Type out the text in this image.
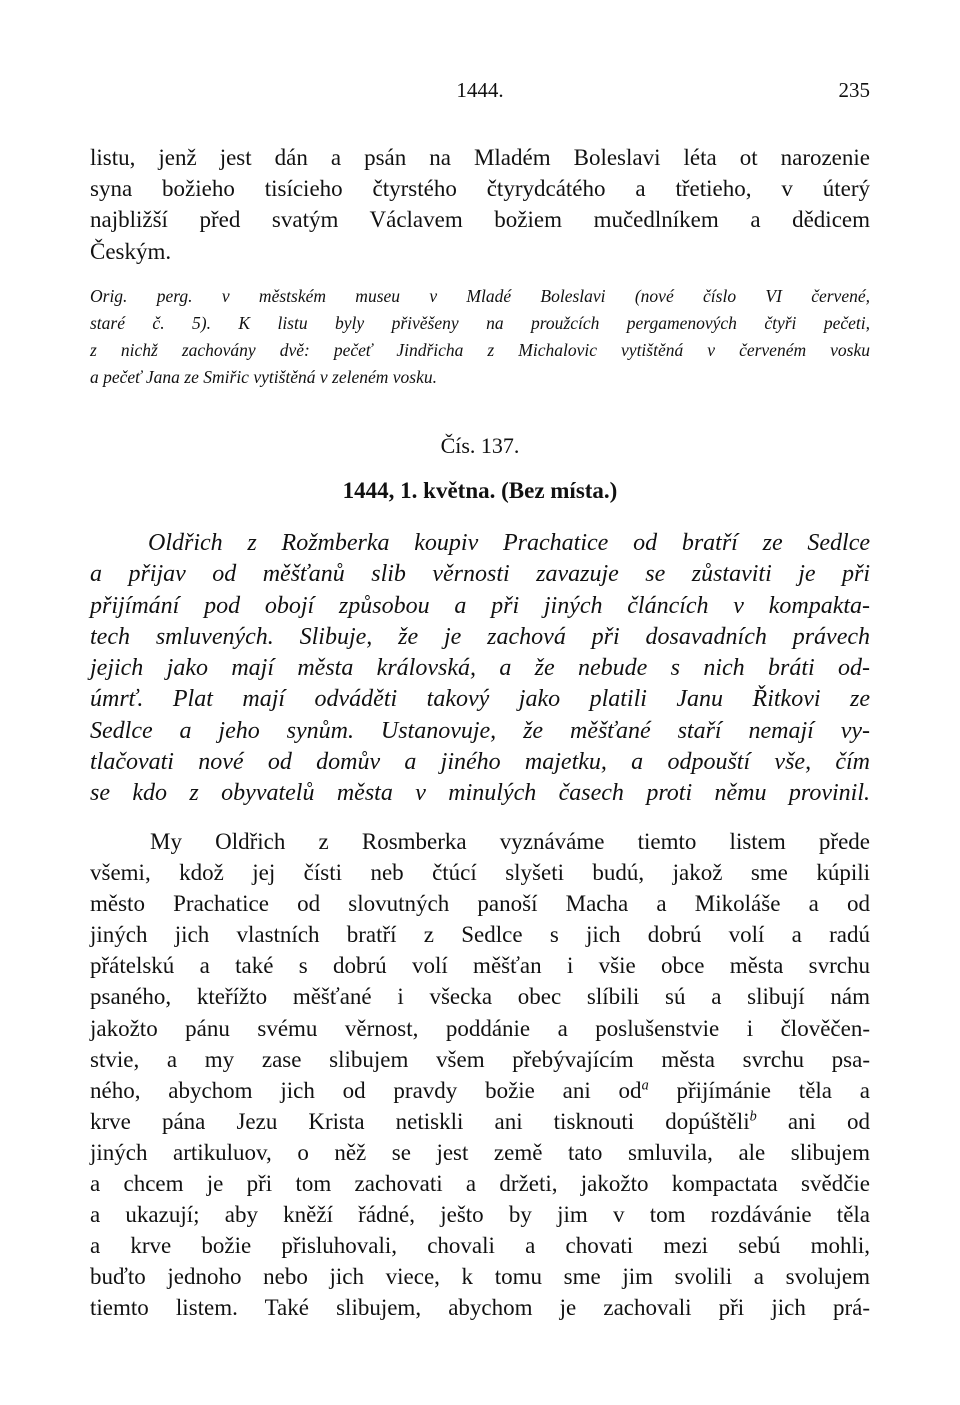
1444.	235
listu, jenž jest dán a psán na Mladém Boleslavi léta ot narozenie
syna božieho tisícieho čtyrstého čtyrydcátého a třetieho, v úterý
najbližší před svatým Václavem božiem mučedlníkem a dědicem
Českým.
Orig. perg. v městském museu v Mladé Boleslavi (nové číslo VI červené,
staré č. 5). K listu byly přivěšeny na proužcích pergamenových čtyři pečeti,
z nichž zachovány dvě: pečeť Jindřicha z Michalovic vytištěná v červeném vosku
a pečeť Jana ze Smiřic vytištěná v zeleném vosku.
Čís. 137.
1444, 1. května. (Bez místa.)
Oldřich z Rožmberka koupiv Prachatice od bratří ze Sedlce
a přijav od měšťanů slib věrnosti zavazuje se zůstaviti je při
přijímání pod obojí způsobou a při jiných článcích v kompakta-
tech smluvených. Slibuje, že je zachová při dosavadních právech
jejich jako mají města královská, a že nebude s nich bráti od-
úmrť. Plat mají odváděti takový jako platili Janu Řitkovi ze
Sedlce a jeho synům. Ustanovuje, že měšťané staří nemají vy-
tlačovati nové od domův a jiného majetku, a odpouští vše, čím
se kdo z obyvatelů města v minulých časech proti němu provinil.
My Oldřich z Rosmberka vyznáváme tiemto listem přede
všemi, kdož jej čísti neb čtúcí slyšeti budú, jakož sme kúpili
město Prachatice od slovutných panoší Macha a Mikoláše a od
jiných jich vlastních bratří z Sedlce s jich dobrú volí a radú
přátelskú a také s dobrú volí měšťan i všie obce města svrchu
psaného, kteřížto měšťané i všecka obec slíbili sú a slibují nám
jakožto pánu svému věrnost, poddánie a poslušenstvie i člověčen-
stvie, a my zase slibujem všem přebývajícím města svrchu psa-
ného, abychom jich od pravdy božie ani $od^a$ přijímánie těla a
krve pána Jezu Krista netiskli ani tisknouti dopúštěli$^b$ ani od
jiných artikuluov, o něž se jest země tato smluvila, ale slibujem
a chcem je při tom zachovati a držeti, jakožto kompactata svědčie
a ukazují; aby kněží řádné, ješto by jim v tom rozdávánie těla
a krve božie přisluhovali, chovali a chovati mezi sebú mohli,
buďto jednoho nebo jich viece, k tomu sme jim svolili a svolujem
tiemto listem. Také slibujem, abychom je zachovali při jich prá-
